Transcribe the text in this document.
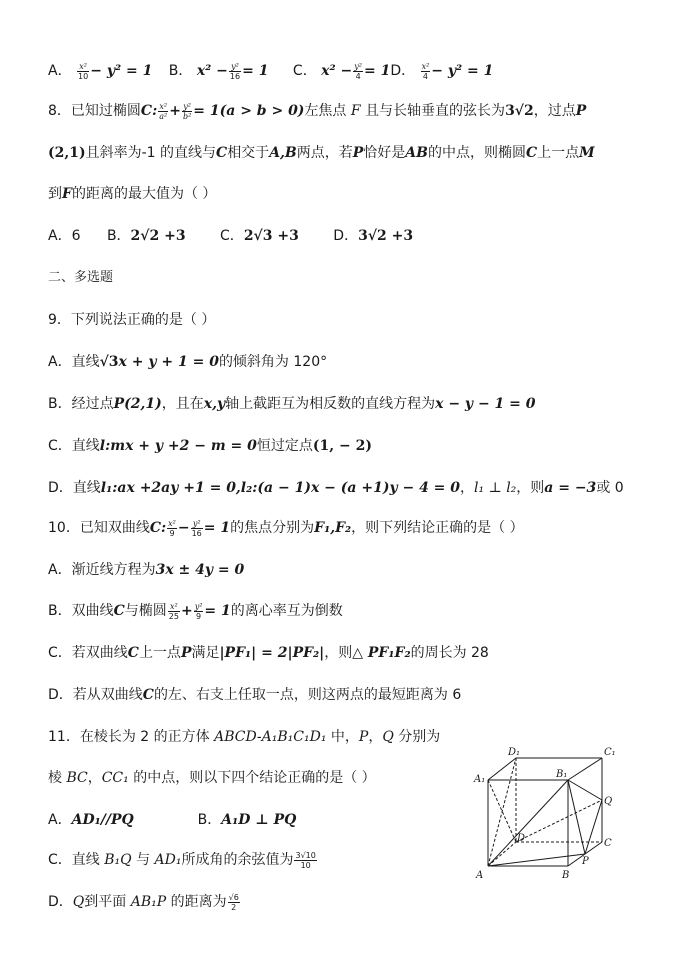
A． $\frac{\text{x²}}{10} - y^2 = 1$ B． $x^2 - \frac{\text{y²}}{16} = 1$ C． $x^2 - \frac{\text{y²}}{4} = 1D$． $\frac{\text{x²}}{4} - y^2 = 1$
8．已知过椭圆C: $\frac{\text{x²}}{\text{a²}} + \frac{\text{y²}}{\text{b²}} = 1(a > b > 0)$左焦点 F 且与长轴垂直的弦长为3√2，过点P
(2,1)且斜率为-1 的直线与C相交于A,B两点，若P恰好是AB的中点，则椭圆C上一点M
到F的距离的最大值为（ ）
A．6 B．2√2 +3 C．2√3 +3 D．3√2 +3
二、多选题
9．下列说法正确的是（ ）
A．直线√3x + y + 1 = 0的倾斜角为 120°
B．经过点P(2,1)，且在x,y轴上截距互为相反数的直线方程为x − y − 1 = 0
C．直线l:mx + y +2 − m = 0恒过定点(1, − 2)
D．直线l₁:ax +2ay +1 = 0,l₂:(a − 1)x − (a +1)y − 4 = 0，l₁ ⊥ l₂，则a = −3或 0
10．已知双曲线C: $\frac{\text{x²}}{9} - \frac{\text{y²}}{16} = 1$的焦点分别为F₁,F₂，则下列结论正确的是（ ）
A．渐近线方程为3x ± 4y = 0
B．双曲线C与椭圆 $\frac{\text{x²}}{25} + \frac{\text{y²}}{9} = 1$的离心率互为倒数
C．若双曲线C上一点P满足|PF₁| = 2|PF₂|，则△ PF₁F₂的周长为 28
D．若从双曲线C的左、右支上任取一点，则这两点的最短距离为 6
11．在棱长为 2 的正方体 ABCD-A₁B₁C₁D₁ 中，P，Q 分别为
棱 BC，CC₁ 的中点，则以下四个结论正确的是（ ）
A．AD₁//PQ	B．A₁D ⊥ PQ
C．直线 B₁Q 与 AD₁所成角的余弦值为 $\frac{3√10}{10}$
D．Q到平面 AB₁P 的距离为 $\frac{√6}{2}$
D₁	C₁
A₁	B₁
Q
D	C
P
A	B
